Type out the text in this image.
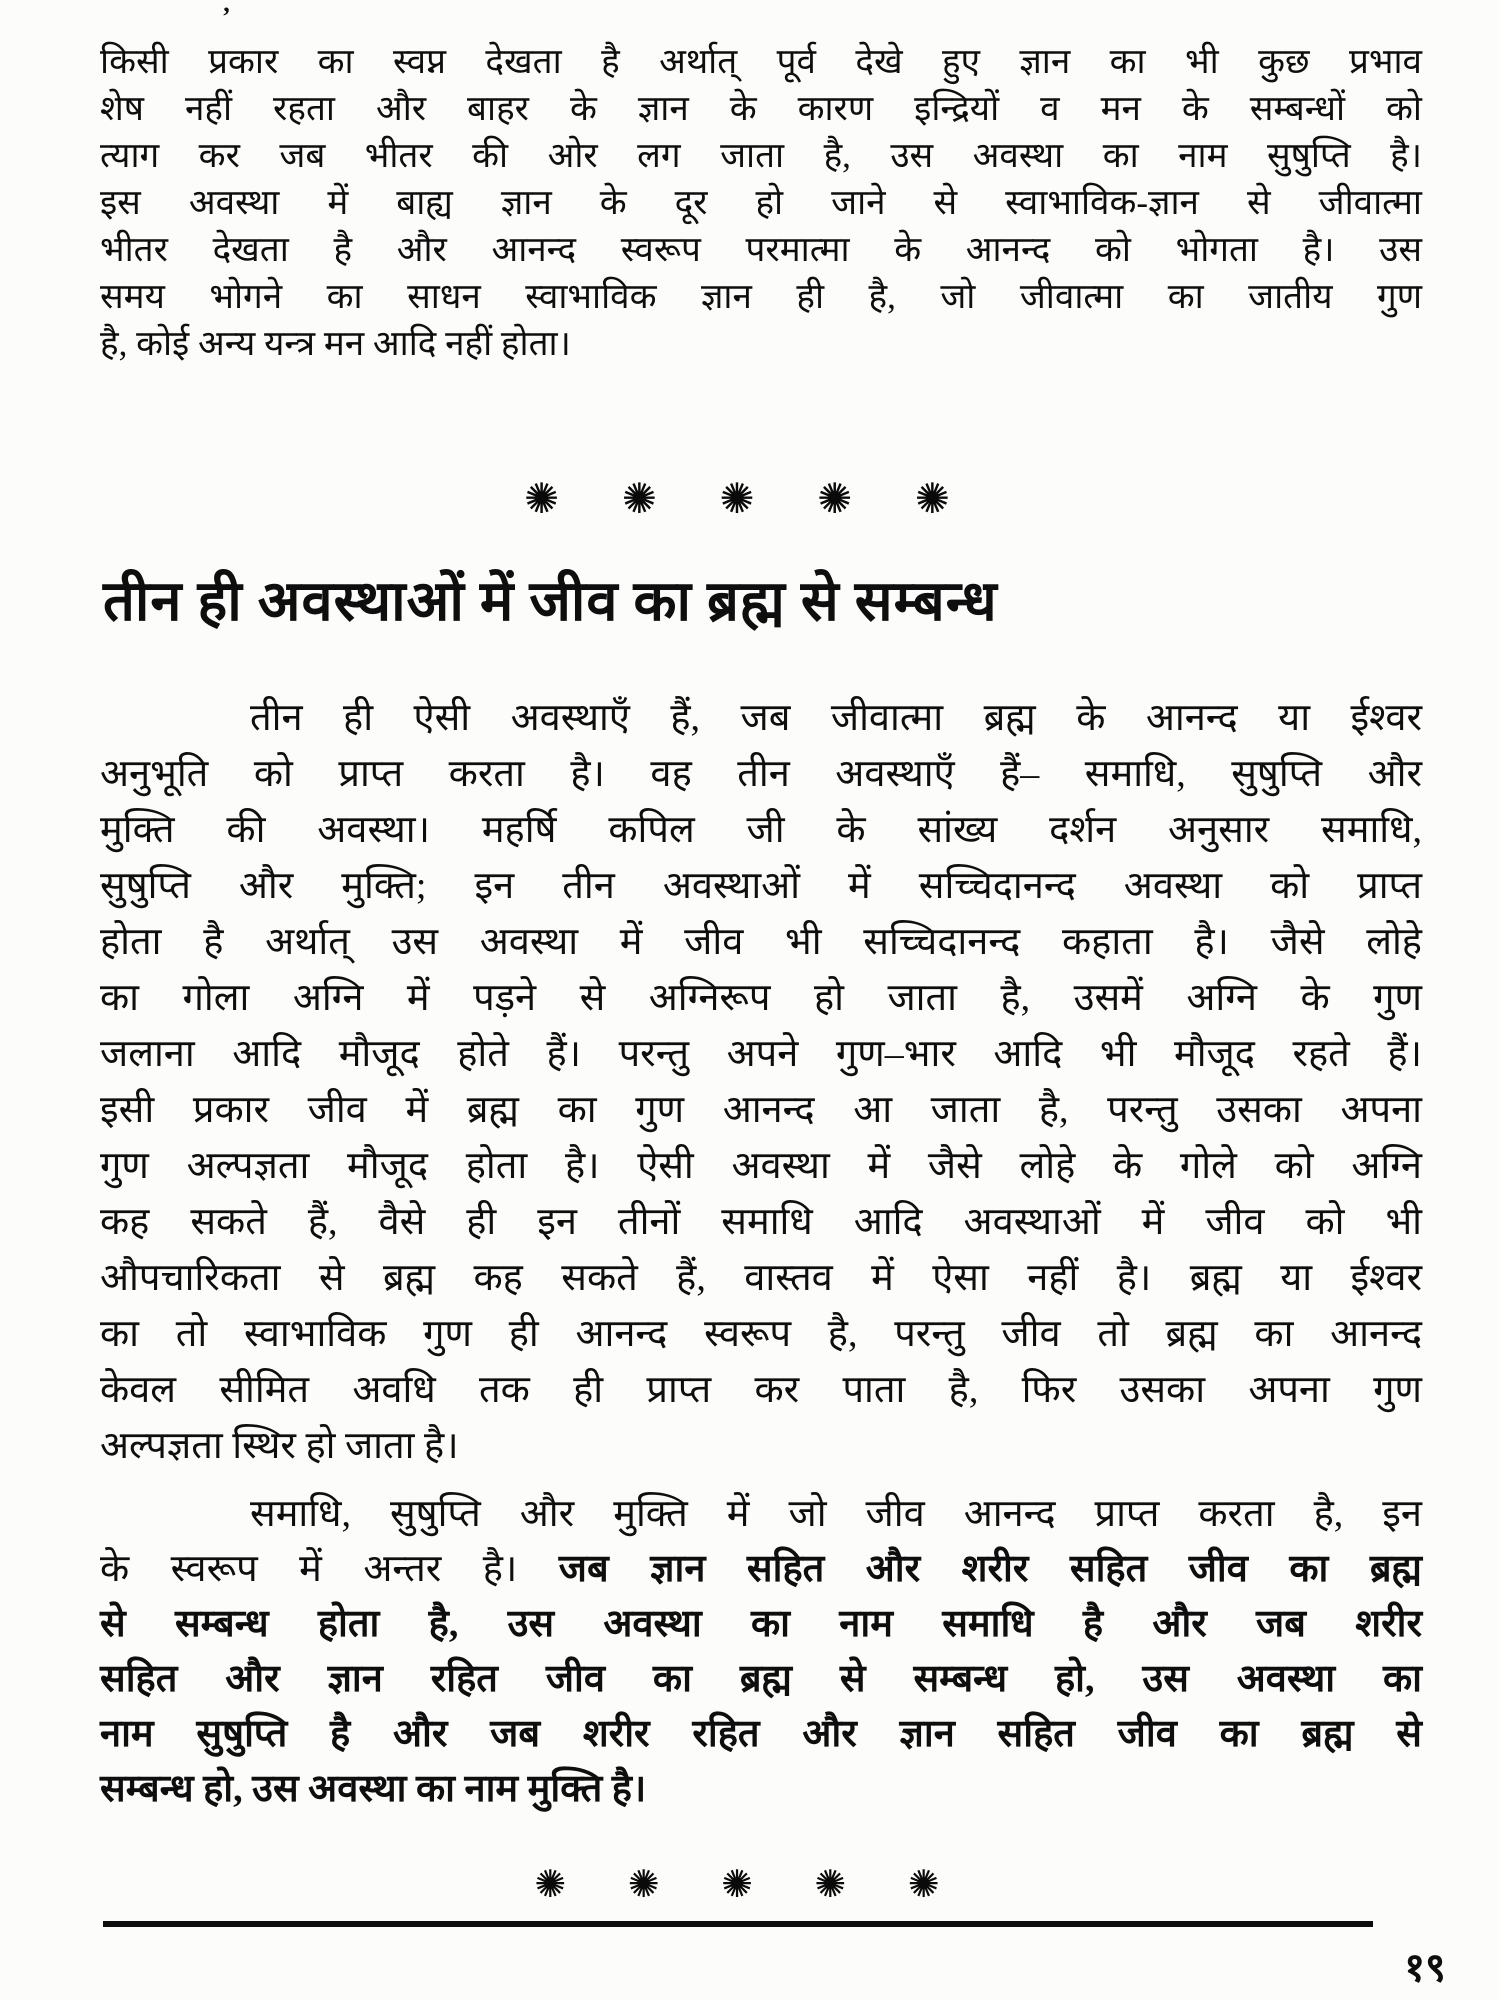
’
किसी प्रकार का स्वप्न देखता है अर्थात् पूर्व देखे हुए ज्ञान का भी कुछ प्रभाव
शेष नहीं रहता और बाहर के ज्ञान के कारण इन्द्रियों व मन के सम्बन्धों को
त्याग कर जब भीतर की ओर लग जाता है, उस अवस्था का नाम सुषुप्ति है।
इस अवस्था में बाह्य ज्ञान के दूर हो जाने से स्वाभाविक-ज्ञान से जीवात्मा
भीतर देखता है और आनन्द स्वरूप परमात्मा के आनन्द को भोगता है। उस
समय भोगने का साधन स्वाभाविक ज्ञान ही है, जो जीवात्मा का जातीय गुण
है, कोई अन्य यन्त्र मन आदि नहीं होता।
✺ ✺ ✺ ✺ ✺
तीन ही अवस्थाओं में जीव का ब्रह्म से सम्बन्ध
तीन ही ऐसी अवस्थाएँ हैं, जब जीवात्मा ब्रह्म के आनन्द या ईश्वर
अनुभूति को प्राप्त करता है। वह तीन अवस्थाएँ हैं– समाधि, सुषुप्ति और
मुक्ति की अवस्था। महर्षि कपिल जी के सांख्य दर्शन अनुसार समाधि,
सुषुप्ति और मुक्ति; इन तीन अवस्थाओं में सच्चिदानन्द अवस्था को प्राप्त
होता है अर्थात् उस अवस्था में जीव भी सच्चिदानन्द कहाता है। जैसे लोहे
का गोला अग्नि में पड़ने से अग्निरूप हो जाता है, उसमें अग्नि के गुण
जलाना आदि मौजूद होते हैं। परन्तु अपने गुण–भार आदि भी मौजूद रहते हैं।
इसी प्रकार जीव में ब्रह्म का गुण आनन्द आ जाता है, परन्तु उसका अपना
गुण अल्पज्ञता मौजूद होता है। ऐसी अवस्था में जैसे लोहे के गोले को अग्नि
कह सकते हैं, वैसे ही इन तीनों समाधि आदि अवस्थाओं में जीव को भी
औपचारिकता से ब्रह्म कह सकते हैं, वास्तव में ऐसा नहीं है। ब्रह्म या ईश्वर
का तो स्वाभाविक गुण ही आनन्द स्वरूप है, परन्तु जीव तो ब्रह्म का आनन्द
केवल सीमित अवधि तक ही प्राप्त कर पाता है, फिर उसका अपना गुण
अल्पज्ञता स्थिर हो जाता है।
समाधि, सुषुप्ति और मुक्ति में जो जीव आनन्द प्राप्त करता है, इन
के स्वरूप में अन्तर है। जब ज्ञान सहित और शरीर सहित जीव का ब्रह्म
से सम्बन्ध होता है, उस अवस्था का नाम समाधि है और जब शरीर
सहित और ज्ञान रहित जीव का ब्रह्म से सम्बन्ध हो, उस अवस्था का
नाम सुषुप्ति है और जब शरीर रहित और ज्ञान सहित जीव का ब्रह्म से
सम्बन्ध हो, उस अवस्था का नाम मुक्ति है।
✺ ✺ ✺ ✺ ✺
१९
